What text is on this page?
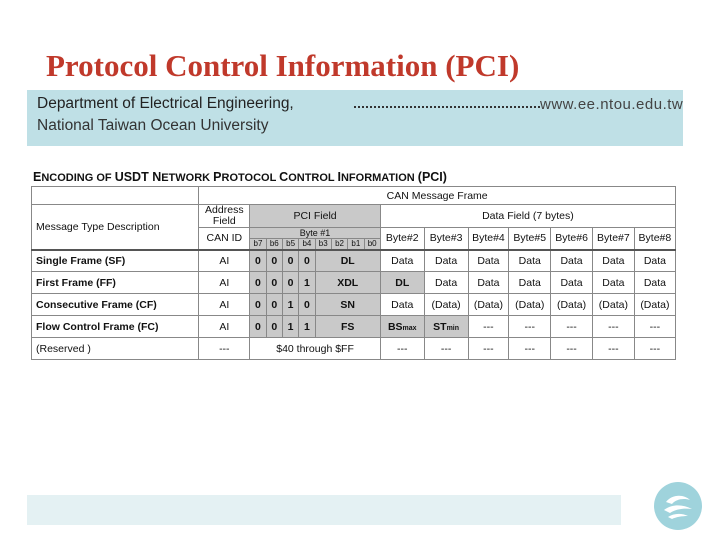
Protocol Control Information (PCI)
Department of Electrical Engineering,	www.ee.ntou.edu.tw
National Taiwan Ocean University
ENCODING OF USDT NETWORK PROTOCOL CONTROL INFORMATION (PCI)
	CAN Message Frame															
Message Type Description	Address Field	PCI Field								Data Field (7 bytes)						
	CAN ID	Byte #1								Byte#2	Byte#3	Byte#4	Byte#5	Byte#6	Byte#7	Byte#8
		b7	b6	b5	b4	b3	b2	b1	b0							
Single Frame (SF)	AI	0	0	0	0	DL				Data	Data	Data	Data	Data	Data	Data
First Frame (FF)	AI	0	0	0	1	XDL				DL	Data	Data	Data	Data	Data	Data
Consecutive Frame (CF)	AI	0	0	1	0	SN				Data	(Data)	(Data)	(Data)	(Data)	(Data)	(Data)
Flow Control Frame (FC)	AI	0	0	1	1	FS				BSmax	STmin	---	---	---	---	---
(Reserved )	---	$40 through $FF								---	---	---	---	---	---	---
